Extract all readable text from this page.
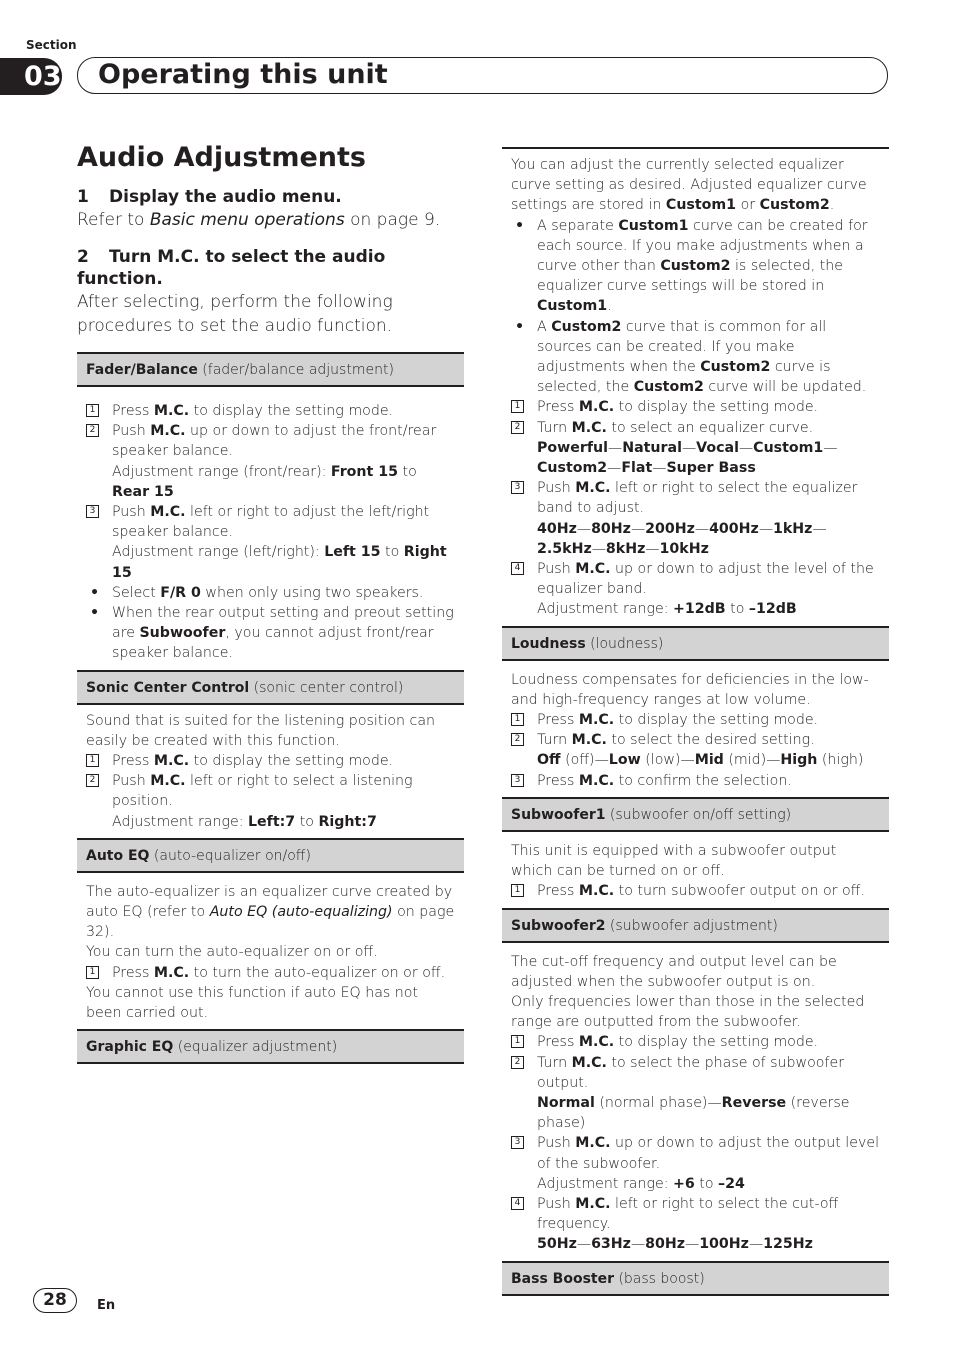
Section
03	Operating this unit
Audio Adjustments
1 Display the audio menu.
Refer to Basic menu operations on page 9.
2 Turn M.C. to select the audio function.
After selecting, perform the following procedures to set the audio function.
Fader/Balance (fader/balance adjustment)
1 Press M.C. to display the setting mode.
2 Push M.C. up or down to adjust the front/rear speaker balance.
Adjustment range (front/rear): Front 15 to Rear 15
3 Push M.C. left or right to adjust the left/right speaker balance.
Adjustment range (left/right): Left 15 to Right 15
• Select F/R 0 when only using two speakers.
• When the rear output setting and preout setting are Subwoofer, you cannot adjust front/rear speaker balance.
Sonic Center Control (sonic center control)

Sound that is suited for the listening position can easily be created with this function.

1 Press M.C. to display the setting mode.
2 Push M.C. left or right to select a listening position.
Adjustment range: Left:7 to Right:7
Auto EQ (auto-equalizer on/off)

The auto-equalizer is an equalizer curve created by auto EQ (refer to Auto EQ (auto-equalizing) on page 32).

You can turn the auto-equalizer on or off.

1 Press M.C. to turn the auto-equalizer on or off.

You cannot use this function if auto EQ has not been carried out.

Graphic EQ (equalizer adjustment)

You can adjust the currently selected equalizer curve setting as desired. Adjusted equalizer curve settings are stored in Custom1 or Custom2.

• A separate Custom1 curve can be created for each source. If you make adjustments when a curve other than Custom2 is selected, the equalizer curve settings will be stored in Custom1.
• A Custom2 curve that is common for all sources can be created. If you make adjustments when the Custom2 curve is selected, the Custom2 curve will be updated.
1 Press M.C. to display the setting mode.
2 Turn M.C. to select an equalizer curve.
Powerful—Natural—Vocal—Custom1—Custom2—Flat—Super Bass
3 Push M.C. left or right to select the equalizer band to adjust.
40Hz—80Hz—200Hz—400Hz—1kHz—2.5kHz—8kHz—10kHz
4 Push M.C. up or down to adjust the level of the equalizer band.
Adjustment range: +12dB to –12dB
Loudness (loudness)

Loudness compensates for deficiencies in the low- and high-frequency ranges at low volume.

1 Press M.C. to display the setting mode.
2 Turn M.C. to select the desired setting.
Off (off)—Low (low)—Mid (mid)—High (high)
3 Press M.C. to confirm the selection.
Subwoofer1 (subwoofer on/off setting)

This unit is equipped with a subwoofer output which can be turned on or off.

1 Press M.C. to turn subwoofer output on or off.
Subwoofer2 (subwoofer adjustment)

The cut-off frequency and output level can be adjusted when the subwoofer output is on.

Only frequencies lower than those in the selected range are outputted from the subwoofer.

1 Press M.C. to display the setting mode.
2 Turn M.C. to select the phase of subwoofer output.
Normal (normal phase)—Reverse (reverse phase)
3 Push M.C. up or down to adjust the output level of the subwoofer.
Adjustment range: +6 to –24
4 Push M.C. left or right to select the cut-off frequency.
50Hz—63Hz—80Hz—100Hz—125Hz
Bass Booster (bass boost)
28	En
